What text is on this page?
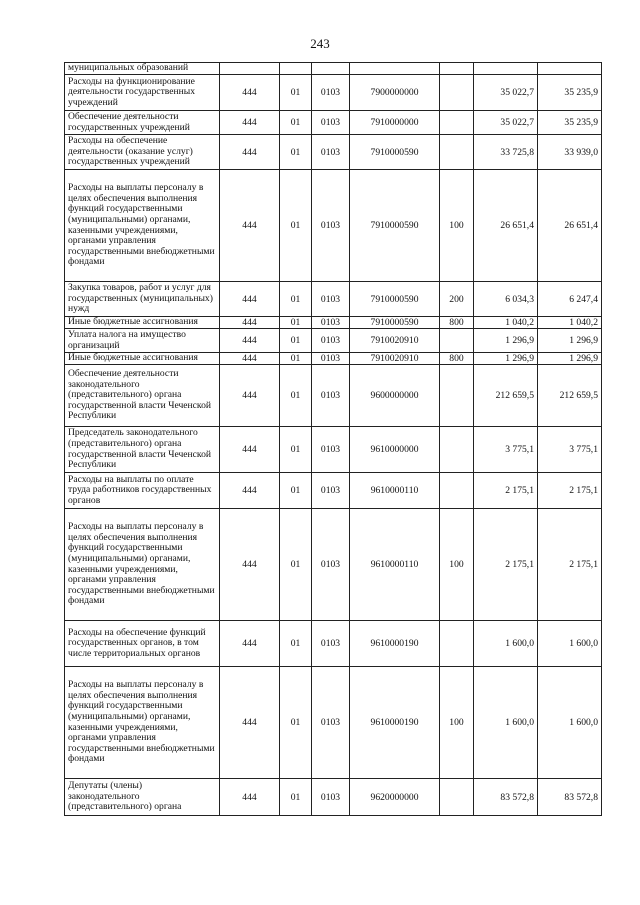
243
муниципальных образований							
Расходы на функционирование деятельности государственных учреждений	444	01	0103	7900000000		35 022,7	35 235,9
Обеспечение деятельности государственных учреждений	444	01	0103	7910000000		35 022,7	35 235,9
Расходы на обеспечение деятельности (оказание услуг) государственных учреждений	444	01	0103	7910000590		33 725,8	33 939,0
Расходы на выплаты персоналу в целях обеспечения выполнения функций государственными (муниципальными) органами, казенными учреждениями, органами управления государственными внебюджетными фондами	444	01	0103	7910000590	100	26 651,4	26 651,4
Закупка товаров, работ и услуг для государственных (муниципальных) нужд	444	01	0103	7910000590	200	6 034,3	6 247,4
Иные бюджетные ассигнования	444	01	0103	7910000590	800	1 040,2	1 040,2
Уплата налога на имущество организаций	444	01	0103	7910020910		1 296,9	1 296,9
Иные бюджетные ассигнования	444	01	0103	7910020910	800	1 296,9	1 296,9
Обеспечение деятельности законодательного (представительного) органа государственной власти Чеченской Республики	444	01	0103	9600000000		212 659,5	212 659,5
Председатель законодательного (представительного) органа государственной власти Чеченской Республики	444	01	0103	9610000000		3 775,1	3 775,1
Расходы на выплаты по оплате труда работников государственных органов	444	01	0103	9610000110		2 175,1	2 175,1
Расходы на выплаты персоналу в целях обеспечения выполнения функций государственными (муниципальными) органами, казенными учреждениями, органами управления государственными внебюджетными фондами	444	01	0103	9610000110	100	2 175,1	2 175,1
Расходы на обеспечение функций государственных органов, в том числе территориальных органов	444	01	0103	9610000190		1 600,0	1 600,0
Расходы на выплаты персоналу в целях обеспечения выполнения функций государственными (муниципальными) органами, казенными учреждениями, органами управления государственными внебюджетными фондами	444	01	0103	9610000190	100	1 600,0	1 600,0
Депутаты (члены) законодательного (представительного) органа	444	01	0103	9620000000		83 572,8	83 572,8
